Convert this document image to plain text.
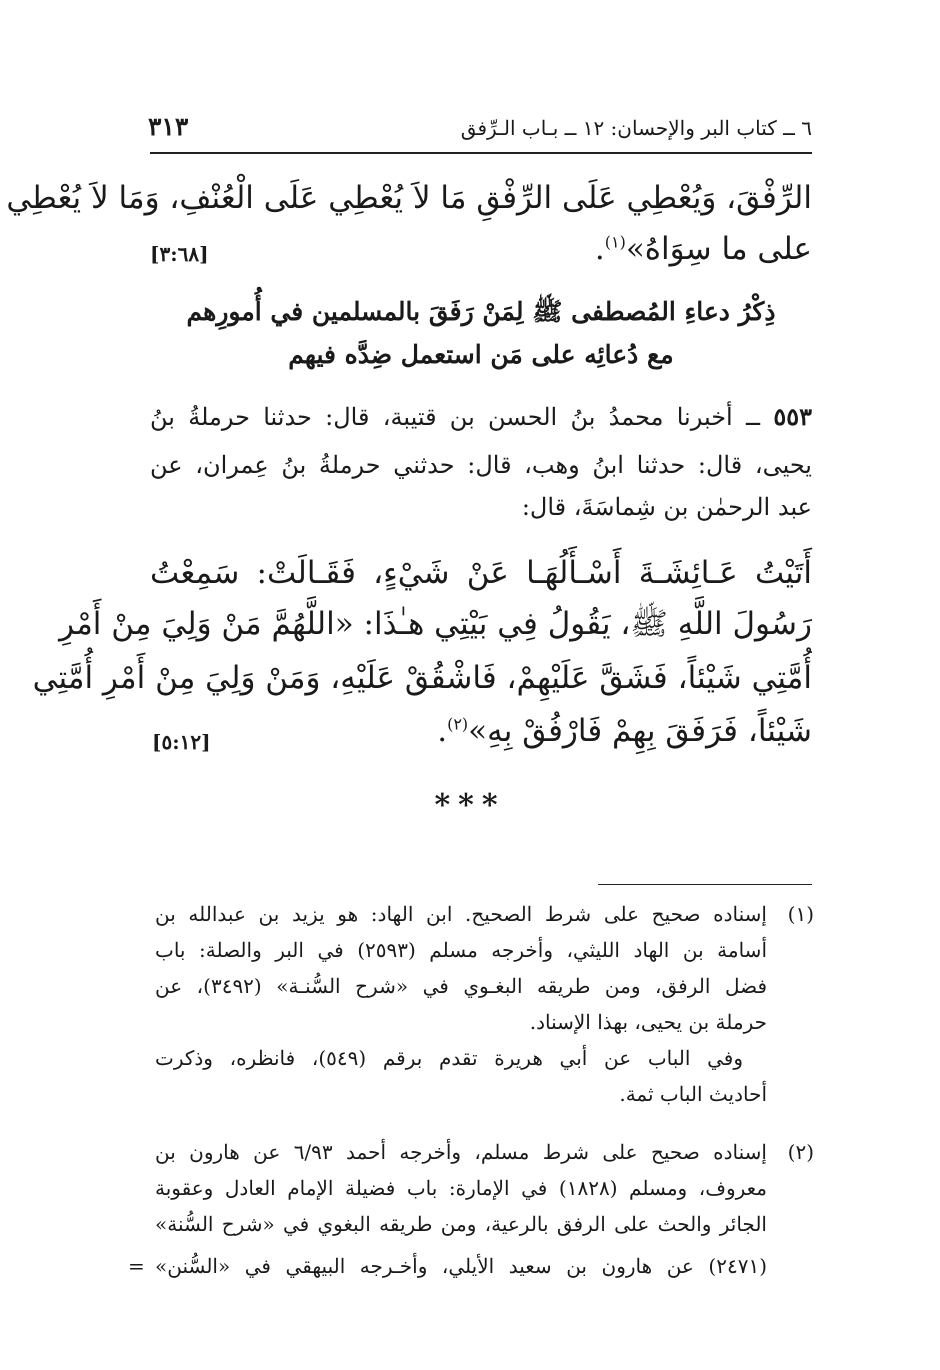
٦ ــ كتاب البر والإحسان: ١٢ ــ بـاب الـرِّفق
٣١٣
الرِّفْقَ، وَيُعْطِي عَلَى الرِّفْقِ مَا لاَ يُعْطِي عَلَى الْعُنْفِ، وَمَا لاَ يُعْطِي
على ما سِوَاهُ»$^{(١)}$.
[٣:٦٨]
ذِكْرُ دعاءِ المُصطفى ﷺ لِمَنْ رَفَقَ بالمسلمين في أُمورِهم
مع دُعائِه على مَن استعمل ضِدَّه فيهم
٥٥٣ ــ أخبرنا محمدُ بنُ الحسن بن قتيبة، قال: حدثنا حرملةُ بنُ
يحيى، قال: حدثنا ابنُ وهب، قال: حدثني حرملةُ بنُ عِمران، عن
عبد الرحمٰن بن شِماسَةَ، قال:
أَتَيْتُ عَـائِشَـةَ أَسْـأَلُهَـا عَنْ شَيْءٍ، فَقَـالَتْ: سَمِعْتُ
رَسُولَ اللَّهِ ﷺ، يَقُولُ فِي بَيْتِي هـٰذَا: «اللَّهُمَّ مَنْ وَلِيَ مِنْ أَمْرِ
أُمَّتِي شَيْئاً، فَشَقَّ عَلَيْهِمْ، فَاشْقُقْ عَلَيْهِ، وَمَنْ وَلِيَ مِنْ أَمْرِ أُمَّتِي
شَيْئاً، فَرَفَقَ بِهِمْ فَارْفُقْ بِهِ»$^{(٢)}$.
[٥:١٢]
***
(١)
إسناده صحيح على شرط الصحيح. ابن الهاد: هو يزيد بن عبدالله بن
أسامة بن الهاد الليثي، وأخرجه مسلم (٢٥٩٣) في البر والصلة: باب
فضل الرفق، ومن طريقه البغـوي في «شرح السُّنـة» (٣٤٩٢)، عن
حرملة بن يحيى، بهذا الإسناد.
وفي الباب عن أبي هريرة تقدم برقم (٥٤٩)، فانظره، وذكرت
أحاديث الباب ثمة.
(٢)
إسناده صحيح على شرط مسلم، وأخرجه أحمد ٦/٩٣ عن هارون بن
معروف، ومسلم (١٨٢٨) في الإمارة: باب فضيلة الإمام العادل وعقوبة
الجائر والحث على الرفق بالرعية، ومن طريقه البغوي في «شرح السُّنة»
(٢٤٧١) عن هارون بن سعيد الأيلي، وأخـرجه البيهقي في «السُّنن»
=
